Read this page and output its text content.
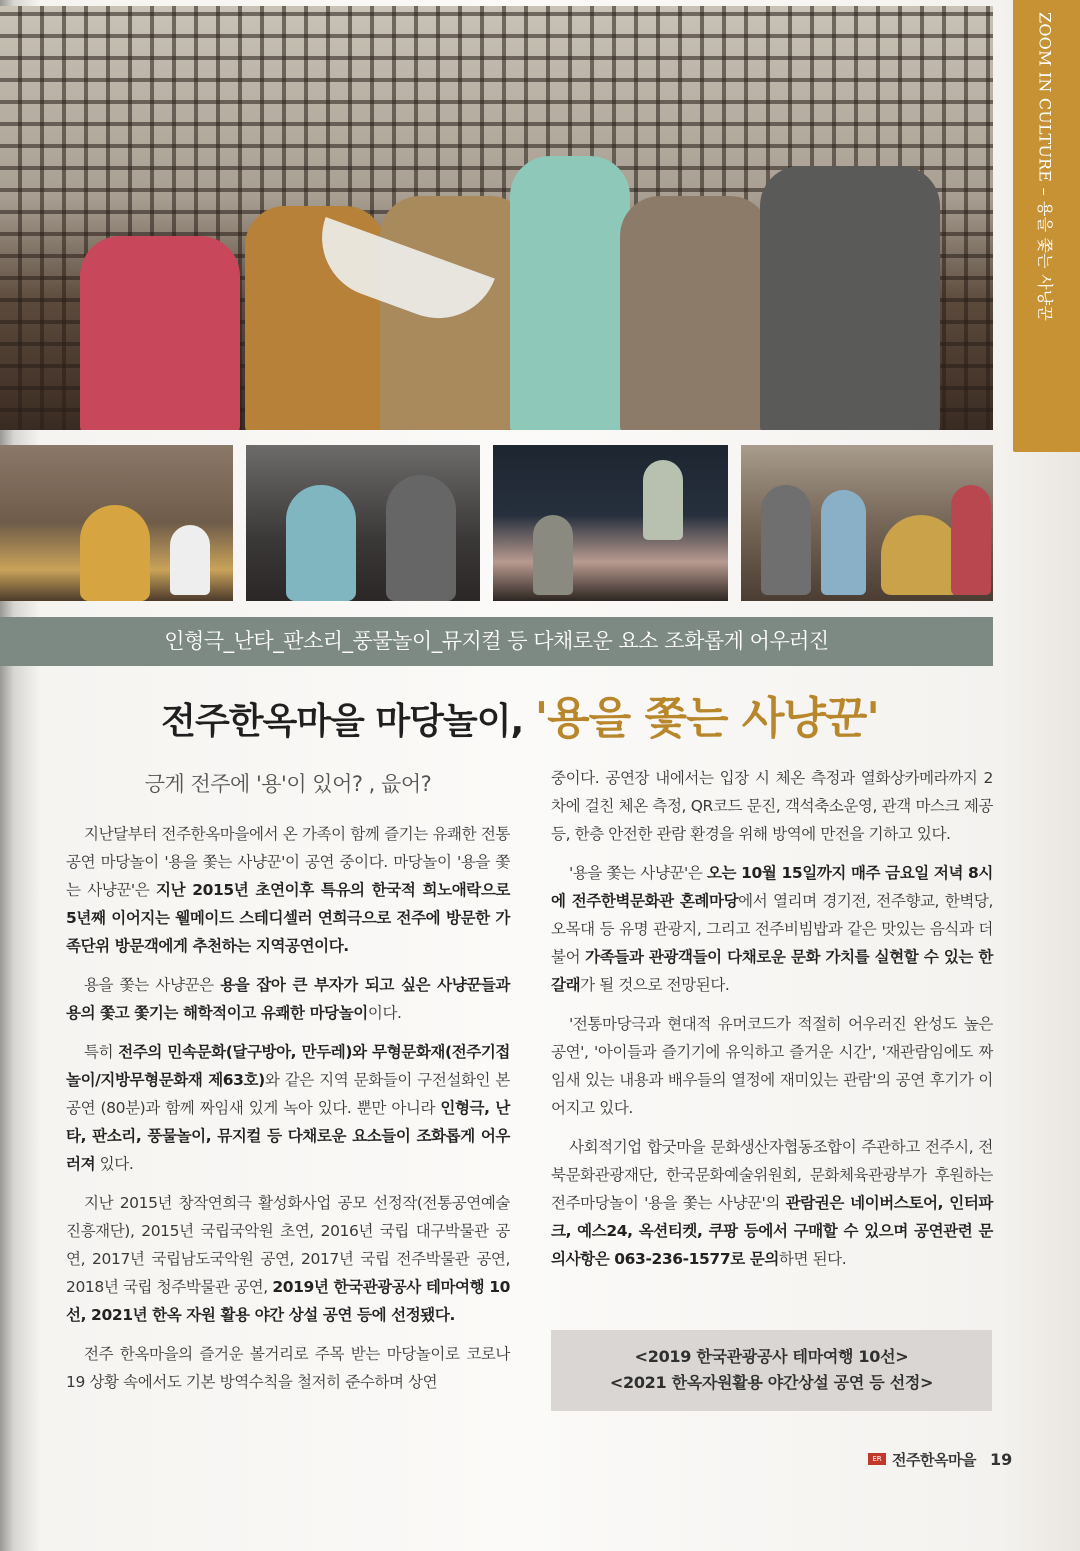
ZOOM IN CULTURE – 용을 쫓는 사냥꾼
인형극_난타_판소리_풍물놀이_뮤지컬 등 다채로운 요소 조화롭게 어우러진
전주한옥마을 마당놀이, '용을 쫓는 사냥꾼'
긍게 전주에 '용'이 있어? , 읎어?

지난달부터 전주한옥마을에서 온 가족이 함께 즐기는 유쾌한 전통 공연 마당놀이 '용을 쫓는 사냥꾼'이 공연 중이다. 마당놀이 '용을 쫓는 사냥꾼'은 지난 2015년 초연이후 특유의 한국적 희노애락으로 5년째 이어지는 웰메이드 스테디셀러 연희극으로 전주에 방문한 가족단위 방문객에게 추천하는 지역공연이다.

용을 쫓는 사냥꾼은 용을 잡아 큰 부자가 되고 싶은 사냥꾼들과 용의 쫓고 쫓기는 해학적이고 유쾌한 마당놀이이다.

특히 전주의 민속문화(달구방아, 만두레)와 무형문화재(전주기접놀이/지방무형문화재 제63호)와 같은 지역 문화들이 구전설화인 본 공연 (80분)과 함께 짜임새 있게 녹아 있다. 뿐만 아니라 인형극, 난타, 판소리, 풍물놀이, 뮤지컬 등 다채로운 요소들이 조화롭게 어우러져 있다.

지난 2015년 창작연희극 활성화사업 공모 선정작(전통공연예술진흥재단), 2015년 국립국악원 초연, 2016년 국립 대구박물관 공연, 2017년 국립남도국악원 공연, 2017년 국립 전주박물관 공연, 2018년 국립 청주박물관 공연, 2019년 한국관광공사 테마여행 10선, 2021년 한옥 자원 활용 야간 상설 공연 등에 선정됐다.

전주 한옥마을의 즐거운 볼거리로 주목 받는 마당놀이로 코로나19 상황 속에서도 기본 방역수칙을 철저히 준수하며 상연

중이다. 공연장 내에서는 입장 시 체온 측정과 열화상카메라까지 2차에 걸친 체온 측정, QR코드 문진, 객석축소운영, 관객 마스크 제공 등, 한층 안전한 관람 환경을 위해 방역에 만전을 기하고 있다.

'용을 쫓는 사냥꾼'은 오는 10월 15일까지 매주 금요일 저녁 8시에 전주한벽문화관 혼례마당에서 열리며 경기전, 전주향교, 한벽당, 오목대 등 유명 관광지, 그리고 전주비빔밥과 같은 맛있는 음식과 더불어 가족들과 관광객들이 다채로운 문화 가치를 실현할 수 있는 한 갈래가 될 것으로 전망된다.

'전통마당극과 현대적 유머코드가 적절히 어우러진 완성도 높은 공연', '아이들과 즐기기에 유익하고 즐거운 시간', '재관람임에도 짜임새 있는 내용과 배우들의 열정에 재미있는 관람'의 공연 후기가 이어지고 있다.

사회적기업 합굿마을 문화생산자협동조합이 주관하고 전주시, 전북문화관광재단, 한국문화예술위원회, 문화체육관광부가 후원하는 전주마당놀이 '용을 쫓는 사냥꾼'의 관람권은 네이버스토어, 인터파크, 예스24, 옥션티켓, 쿠팡 등에서 구매할 수 있으며 공연관련 문의사항은 063-236-1577로 문의하면 된다.

<2019 한국관광공사 테마여행 10선>
<2021 한옥자원활용 야간상설 공연 등 선정>
ER 전주한옥마을 19
